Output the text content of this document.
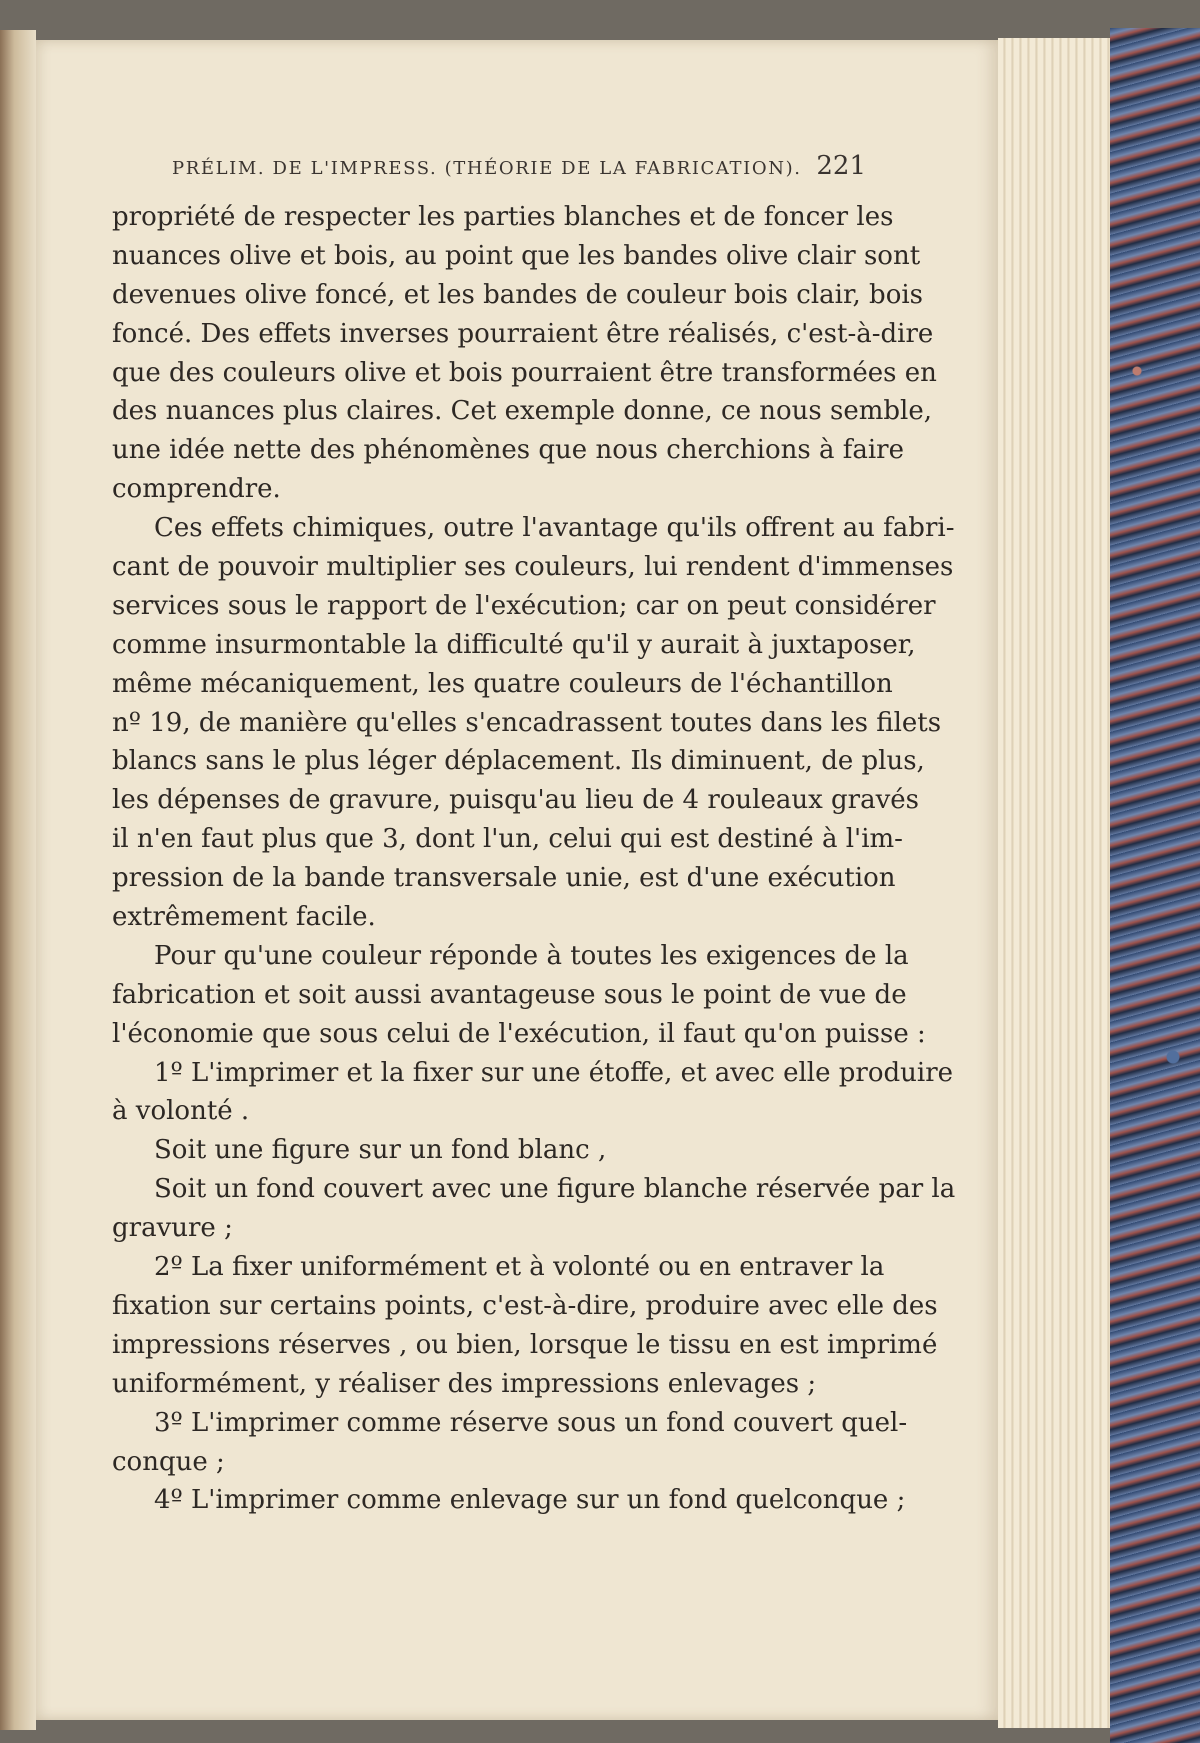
PRÉLIM. DE L'IMPRESS. (THÉORIE DE LA FABRICATION). 221
propriété de respecter les parties blanches et de foncer les
nuances olive et bois, au point que les bandes olive clair sont
devenues olive foncé, et les bandes de couleur bois clair, bois
foncé. Des effets inverses pourraient être réalisés, c'est-à-dire
que des couleurs olive et bois pourraient être transformées en
des nuances plus claires. Cet exemple donne, ce nous semble,
une idée nette des phénomènes que nous cherchions à faire
comprendre.
Ces effets chimiques, outre l'avantage qu'ils offrent au fabri-
cant de pouvoir multiplier ses couleurs, lui rendent d'immenses
services sous le rapport de l'exécution; car on peut considérer
comme insurmontable la difficulté qu'il y aurait à juxtaposer,
même mécaniquement, les quatre couleurs de l'échantillon
nº 19, de manière qu'elles s'encadrassent toutes dans les filets
blancs sans le plus léger déplacement. Ils diminuent, de plus,
les dépenses de gravure, puisqu'au lieu de 4 rouleaux gravés
il n'en faut plus que 3, dont l'un, celui qui est destiné à l'im-
pression de la bande transversale unie, est d'une exécution
extrêmement facile.
Pour qu'une couleur réponde à toutes les exigences de la
fabrication et soit aussi avantageuse sous le point de vue de
l'économie que sous celui de l'exécution, il faut qu'on puisse :
1º L'imprimer et la fixer sur une étoffe, et avec elle produire
à volonté .
Soit une figure sur un fond blanc ,
Soit un fond couvert avec une figure blanche réservée par la
gravure ;
2º La fixer uniformément et à volonté ou en entraver la
fixation sur certains points, c'est-à-dire, produire avec elle des
impressions réserves , ou bien, lorsque le tissu en est imprimé
uniformément, y réaliser des impressions enlevages ;
3º L'imprimer comme réserve sous un fond couvert quel-
conque ;
4º L'imprimer comme enlevage sur un fond quelconque ;
